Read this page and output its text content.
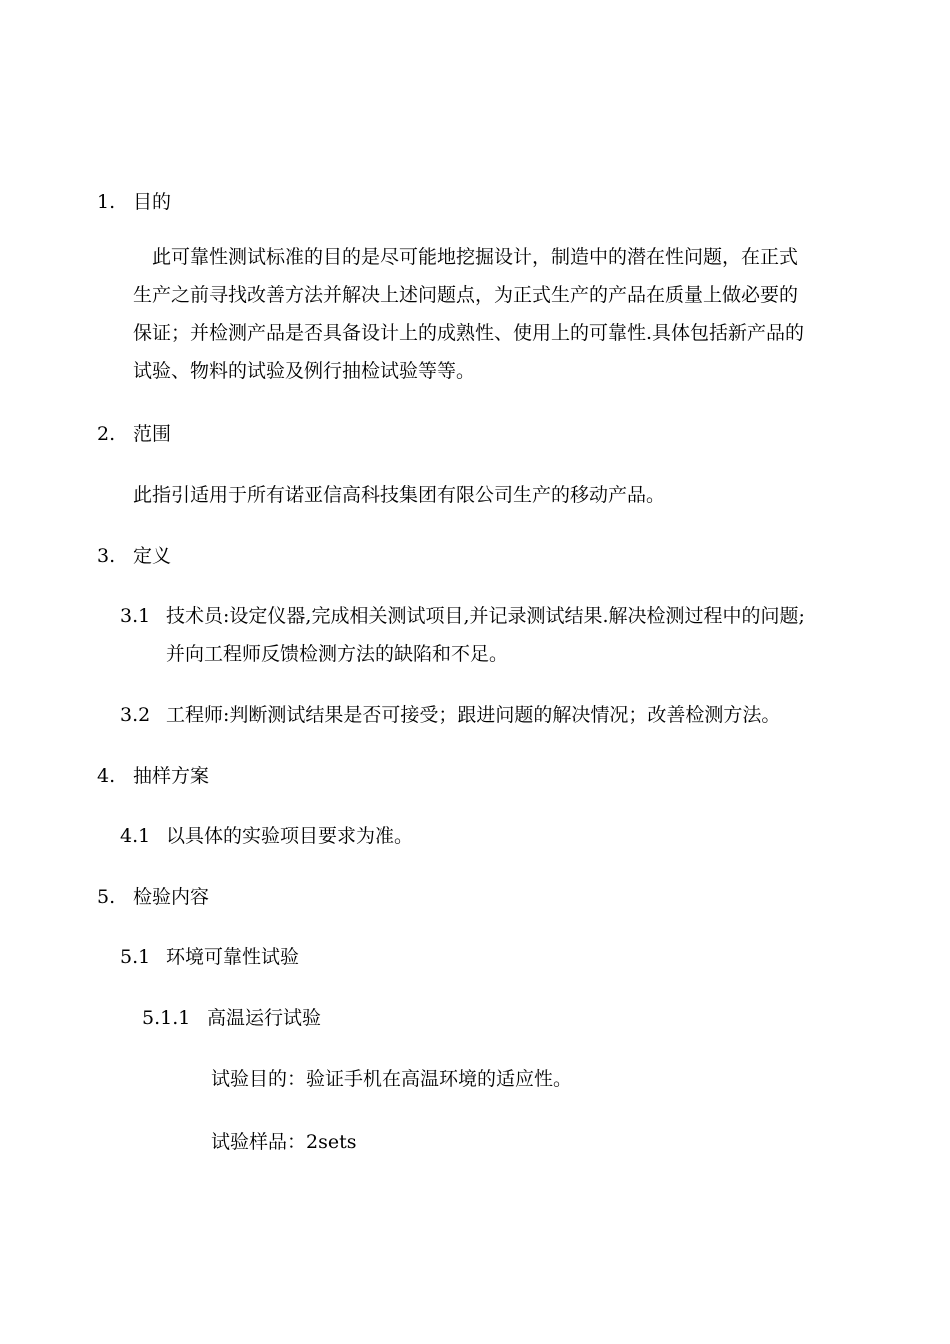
1. 目的

此可靠性测试标准的目的是尽可能地挖掘设计，制造中的潜在性问题，在正式

生产之前寻找改善方法并解决上述问题点，为正式生产的产品在质量上做必要的

保证；并检测产品是否具备设计上的成熟性、使用上的可靠性.具体包括新产品的

试验、物料的试验及例行抽检试验等等。

2. 范围
此指引适用于所有诺亚信高科技集团有限公司生产的移动产品。
3. 定义
3.1 技术员:设定仪器,完成相关测试项目,并记录测试结果.解决检测过程中的问题;
并向工程师反馈检测方法的缺陷和不足。
3.2 工程师:判断测试结果是否可接受；跟进问题的解决情况；改善检测方法。
4. 抽样方案
4.1 以具体的实验项目要求为准。
5. 检验内容
5.1 环境可靠性试验
5.1.1 高温运行试验
试验目的：验证手机在高温环境的适应性。
试验样品：2sets
